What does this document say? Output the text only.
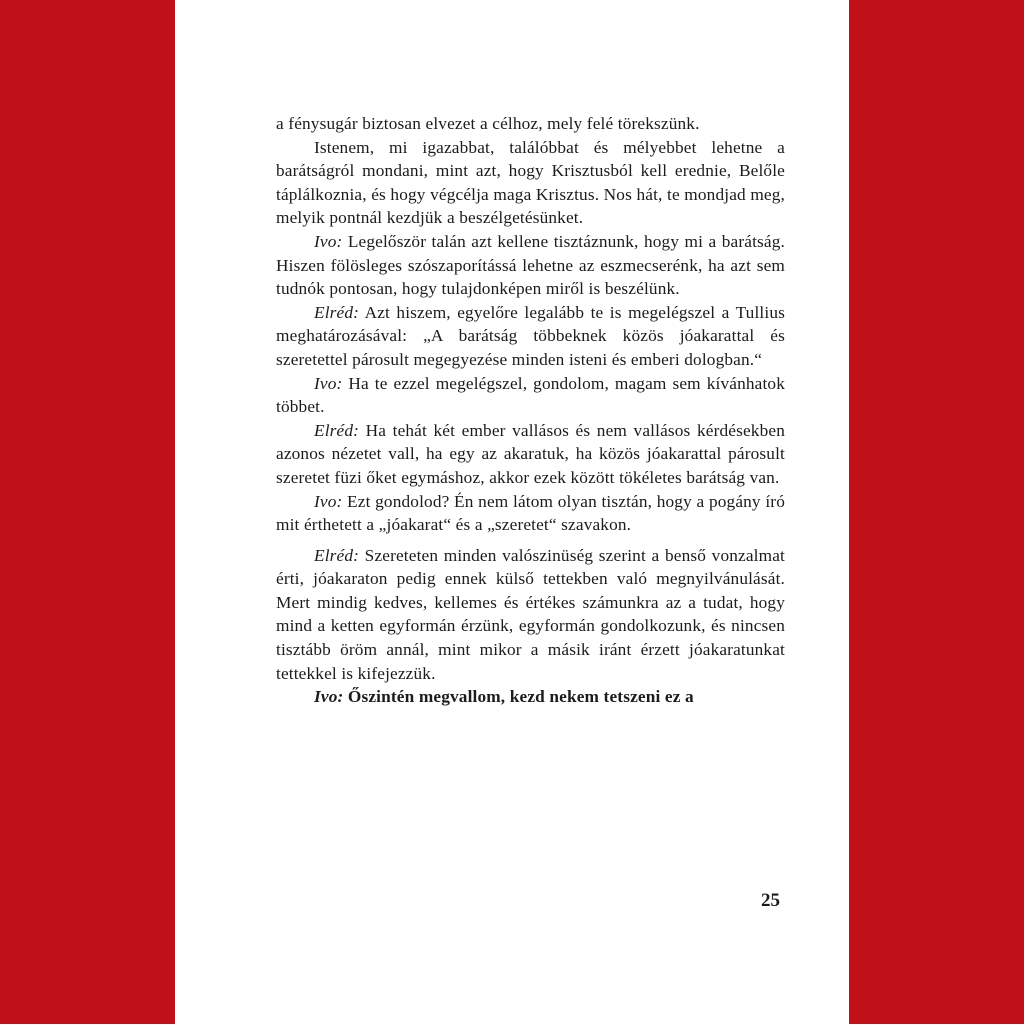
a fénysugár biztosan elvezet a célhoz, mely felé törekszünk.

Istenem, mi igazabbat, találóbbat és mélyebbet lehetne a barátságról mondani, mint azt, hogy Krisztusból kell erednie, Belőle táplálkoznia, és hogy végcélja maga Krisztus. Nos hát, te mondjad meg, melyik pontnál kezdjük a beszélgetésünket.

Ivo: Legelőször talán azt kellene tisztáznunk, hogy mi a barátság. Hiszen fölösleges szószaporítássá lehetne az eszmecserénk, ha azt sem tudnók pontosan, hogy tulajdonképen miről is beszélünk.

Elréd: Azt hiszem, egyelőre legalább te is megelégszel a Tullius meghatározásával: „A barátság többeknek közös jóakarattal és szeretettel párosult megegyezése minden isteni és emberi dologban.“

Ivo: Ha te ezzel megelégszel, gondolom, magam sem kívánhatok többet.

Elréd: Ha tehát két ember vallásos és nem vallásos kérdésekben azonos nézetet vall, ha egy az akaratuk, ha közös jóakarattal párosult szeretet füzi őket egymáshoz, akkor ezek között tökéletes barátság van.

Ivo: Ezt gondolod? Én nem látom olyan tisztán, hogy a pogány író mit érthetett a „jóakarat“ és a „szeretet“ szavakon.

Elréd: Szereteten minden valószinüség szerint a benső vonzalmat érti, jóakaraton pedig ennek külső tettekben való megnyilvánulását. Mert mindig kedves, kellemes és értékes számunkra az a tudat, hogy mind a ketten egyformán érzünk, egyformán gondolkozunk, és nincsen tisztább öröm annál, mint mikor a másik iránt érzett jóakaratunkat tettekkel is kifejezzük.

Ivo: Őszintén megvallom, kezd nekem tetszeni ez a

25
